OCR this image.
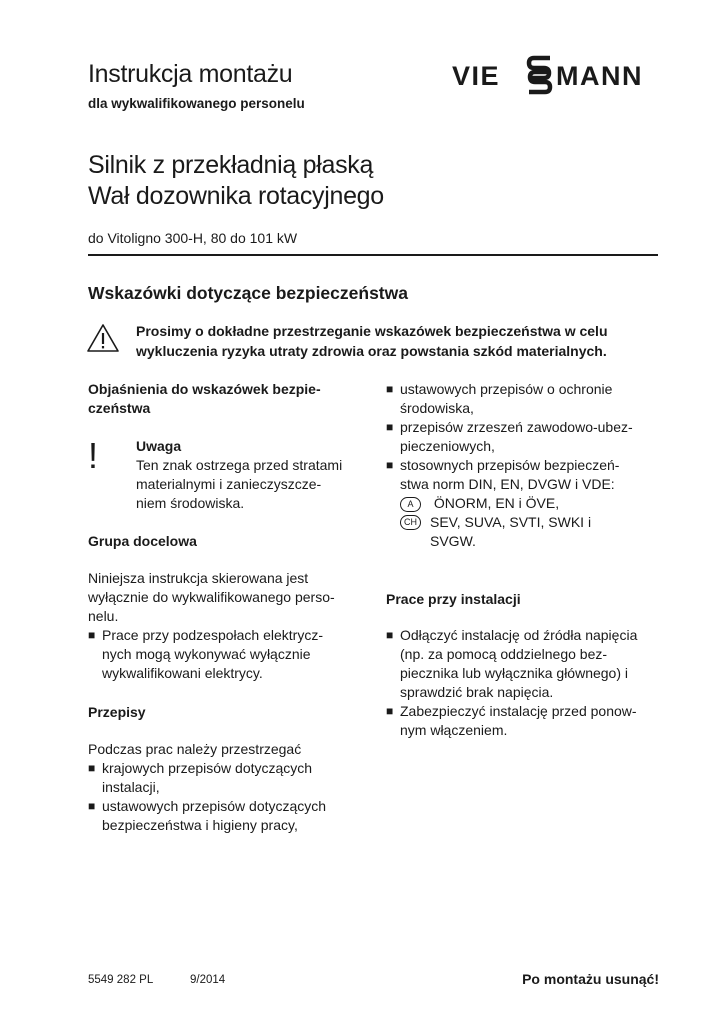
Instrukcja montażu
dla wykwalifikowanego personelu
VIE MANN
Silnik z przekładnią płaską
Wał dozownika rotacyjnego
do Vitoligno 300-H, 80 do 101 kW
Wskazówki dotyczące bezpieczeństwa
Prosimy o dokładne przestrzeganie wskazówek bezpieczeństwa w celu
wykluczenia ryzyka utraty zdrowia oraz powstania szkód materialnych.
Objaśnienia do wskazówek bezpie-
czeństwa
!	Uwaga
Ten znak ostrzega przed stratami
materialnymi i zanieczyszcze-
niem środowiska.
Grupa docelowa
Niniejsza instrukcja skierowana jest
wyłącznie do wykwalifikowanego perso-
nelu.
■ Prace przy podzespołach elektrycz-
nych mogą wykonywać wyłącznie
wykwalifikowani elektrycy.
Przepisy
Podczas prac należy przestrzegać
■ krajowych przepisów dotyczących
instalacji,
■ ustawowych przepisów dotyczących
bezpieczeństwa i higieny pracy,
■ ustawowych przepisów o ochronie
środowiska,
■ przepisów zrzeszeń zawodowo-ubez-
pieczeniowych,
■ stosownych przepisów bezpieczeń-
stwa norm DIN, EN, DVGW i VDE:
A ÖNORM, EN i ÖVE,
CH SEV, SUVA, SVTI, SWKI i
SVGW.
Prace przy instalacji
■ Odłączyć instalację od źródła napięcia
(np. za pomocą oddzielnego bez-
piecznika lub wyłącznika głównego) i
sprawdzić brak napięcia.
■ Zabezpieczyć instalację przed ponow-
nym włączeniem.
5549 282 PL	9/2014	Po montażu usunąć!
